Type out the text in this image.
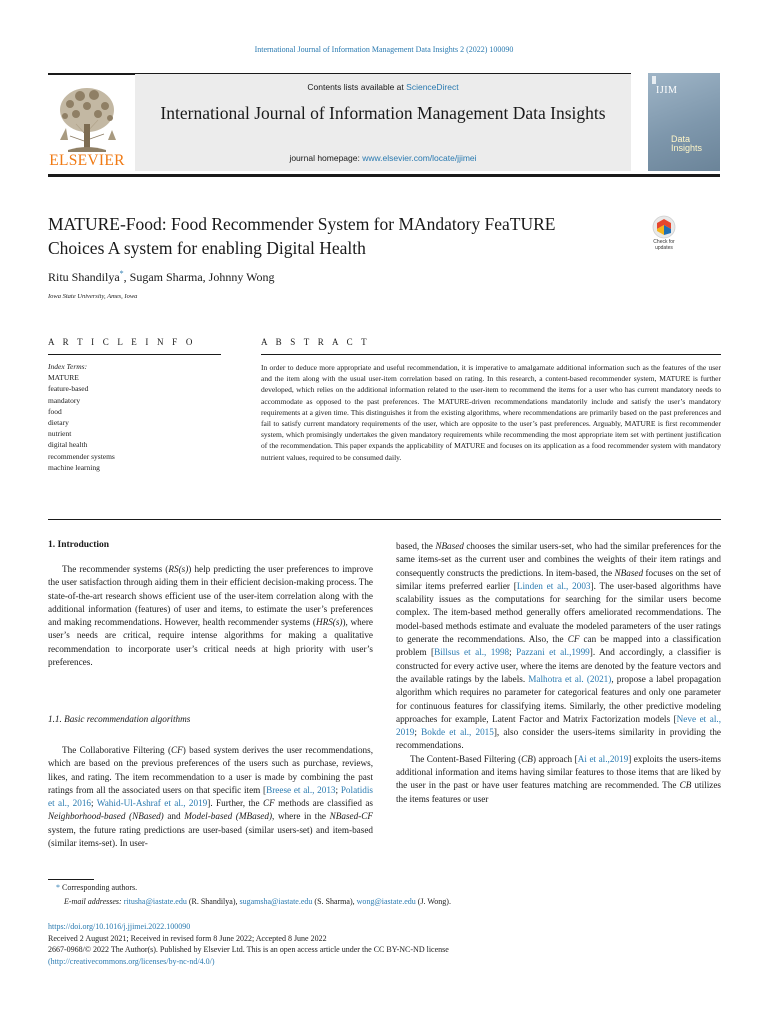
International Journal of Information Management Data Insights 2 (2022) 100090
ELSEVIER
Contents lists available at ScienceDirect
International Journal of Information Management Data Insights
journal homepage: www.elsevier.com/locate/jjimei
IJIM
Data
Insights
MATURE-Food: Food Recommender System for MAndatory FeaTURE Choices A system for enabling Digital Health	Check for
updates
Ritu Shandilya*, Sugam Sharma, Johnny Wong
Iowa State University, Ames, Iowa
A R T I C L E I N F O	A B S T R A C T
Index Terms:
MATURE
feature-based
mandatory
food
dietary
nutrient
digital health
recommender systems
machine learning
In order to deduce more appropriate and useful recommendation, it is imperative to amalgamate additional information such as the features of the user and the item along with the usual user-item correlation based on rating. In this research, a content-based recommender system, MATURE is further developed, which relies on the additional information related to the user-item to recommend the items for a user who has current mandatory needs to accommodate as opposed to the past preferences. The MATURE-driven recommendations mandatorily include and satisfy the user’s mandatory requirements at a given time. This distinguishes it from the existing algorithms, where recommendations are primarily based on the past preferences and fail to satisfy current mandatory requirements of the user, which are opposite to the user’s past preferences. Arguably, MATURE is first recommender system, which promisingly undertakes the given mandatory requirements while recommending the most appropriate item set with pertinent justification of the recommendation. This paper expands the applicability of MATURE and focuses on its application as a food recommender system with mandatory nutrient values, required to be consumed daily.
1. Introduction

The recommender systems (RS(s)) help predicting the user preferences to improve the user satisfaction through aiding them in their efficient decision-making process. The state-of-the-art research shows efficient use of the user-item correlation along with the additional information (features) of user and items, to estimate the user’s preferences and making recommendations. However, health recommender systems (HRS(s)), where user’s needs are critical, require intense algorithms for making a qualitative recommendation to incorporate user’s critical needs at high priority with user’s preferences.

1.1. Basic recommendation algorithms

The Collaborative Filtering (CF) based system derives the user recommendations, which are based on the previous preferences of the users such as purchase, reviews, likes, and rating. The item recommendation to a user is made by combining the past ratings from all the associated users on that specific item [Breese et al., 2013; Polatidis et al., 2016; Wahid-Ul-Ashraf et al., 2019]. Further, the CF methods are classified as Neighborhood-based (NBased) and Model-based (MBased), where in the NBased-CF system, the future rating predictions are user-based (similar users-set) and item-based (similar items-set). In user-

based, the NBased chooses the similar users-set, who had the similar preferences for the same items-set as the current user and combines the weights of their item ratings and consequently constructs the predictions. In item-based, the NBased focuses on the set of similar items preferred earlier [Linden et al., 2003]. The user-based algorithms have scalability issues as the computations for searching for the similar users become complex. The item-based method generally offers ameliorated recommendations. The model-based methods estimate and evaluate the modeled parameters of the user ratings to generate the recommendations. Also, the CF can be mapped into a classification problem [Billsus et al., 1998; Pazzani et al.,1999]. And accordingly, a classifier is constructed for every active user, where the items are denoted by the feature vectors and the available ratings by the labels. Malhotra et al. (2021), propose a label propagation algorithm which requires no parameter for categorical features and only one parameter for continuous features for classifying items. Similarly, the other predictive modeling approaches for example, Latent Factor and Matrix Factorization models [Neve et al., 2019; Bokde et al., 2015], also consider the users-items similarity in providing the recommendations.

The Content-Based Filtering (CB) approach [Ai et al.,2019] exploits the users-items additional information and items having similar features to those items that are liked by the user in the past or have user features matching are recommended. The CB utilizes the items features or user

* Corresponding authors.
E-mail addresses: ritusha@iastate.edu (R. Shandilya), sugamsha@iastate.edu (S. Sharma), wong@iastate.edu (J. Wong).
https://doi.org/10.1016/j.jjimei.2022.100090
Received 2 August 2021; Received in revised form 8 June 2022; Accepted 8 June 2022
2667-0968/© 2022 The Author(s). Published by Elsevier Ltd. This is an open access article under the CC BY-NC-ND license
(http://creativecommons.org/licenses/by-nc-nd/4.0/)
